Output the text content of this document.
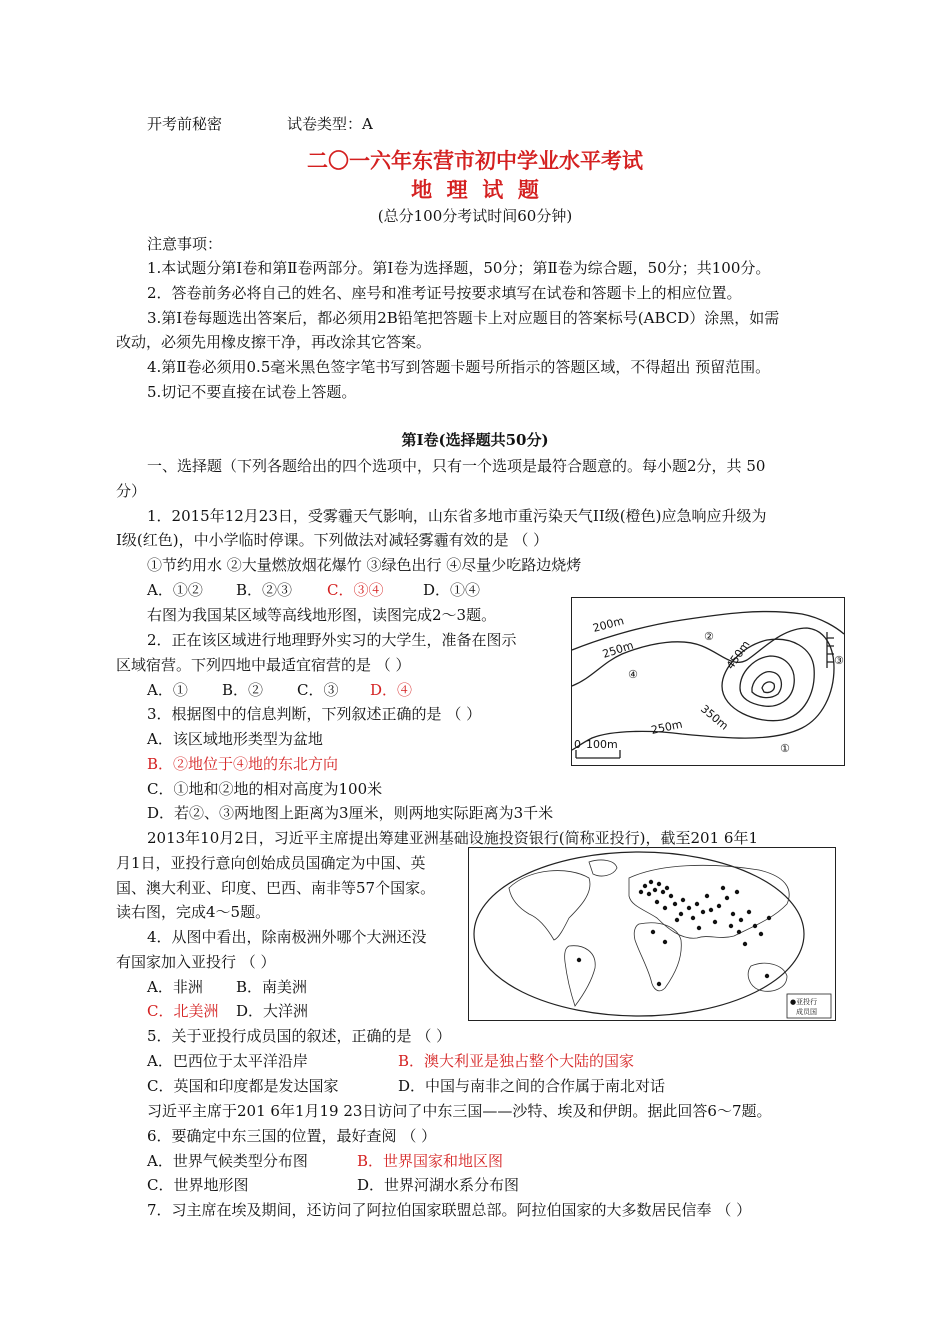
开考前秘密	试卷类型：A
二〇一六年东营市初中学业水平考试
地  理  试  题
(总分100分考试时间60分钟)
注意事项：
1.本试题分第Ⅰ卷和第Ⅱ卷两部分。第Ⅰ卷为选择题，50分；第Ⅱ卷为综合题，50分；共100分。
2．答卷前务必将自己的姓名、座号和准考证号按要求填写在试卷和答题卡上的相应位置。
3.第Ⅰ卷每题选出答案后，都必须用2B铅笔把答题卡上对应题目的答案标号(ABCD）涂黑，如需
改动，必须先用橡皮擦干净，再改涂其它答案。
4.第Ⅱ卷必须用0.5毫米黑色签字笔书写到答题卡题号所指示的答题区域，不得超出 预留范围。
5.切记不要直接在试卷上答题。
第Ⅰ卷(选择题共50分)
一、选择题（下列各题给出的四个选项中，只有一个选项是最符合题意的。每小题2分，共 50
分）
1．2015年12月23日，受雾霾天气影响，山东省多地市重污染天气II级(橙色)应急响应升级为
I级(红色)，中小学临时停课。下列做法对减轻雾霾有效的是 （ ）
①节约用水 ②大量燃放烟花爆竹 ③绿色出行 ④尽量少吃路边烧烤
A．①② B．②③ C．③④	D．①④
右图为我国某区域等高线地形图，读图完成2～3题。
2．正在该区域进行地理野外实习的大学生，准备在图示
区域宿营。下列四地中最适宜宿营的是 （ ）
A．① B．② C．③ D．④
3．根据图中的信息判断，下列叙述正确的是 （ ）
A．该区域地形类型为盆地
B．②地位于④地的东北方向
C．①地和②地的相对高度为100米
D．若②、③两地图上距离为3厘米，则两地实际距离为3千米
200m
250m	450m
350m
250m
②
③
④
①
0 100m
2013年10月2日，习近平主席提出筹建亚洲基础设施投资银行(简称亚投行)，截至201 6年1
月1日，亚投行意向创始成员国确定为中国、英
国、澳大利亚、印度、巴西、南非等57个国家。
读右图，完成4～5题。
4．从图中看出，除南极洲外哪个大洲还没
有国家加入亚投行 （ ）
A．非洲 B．南美洲
C．北美洲 D．大洋洲	●亚投行
成员国
5．关于亚投行成员国的叙述，正确的是 （ ）
A．巴西位于太平洋沿岸	B．澳大利亚是独占整个大陆的国家
C．英国和印度都是发达国家	D．中国与南非之间的合作属于南北对话
习近平主席于201 6年1月19 23日访问了中东三国——沙特、埃及和伊朗。据此回答6～7题。
6．要确定中东三国的位置，最好查阅 （ ）
A．世界气候类型分布图	B．世界国家和地区图
C．世界地形图	D．世界河湖水系分布图
7．习主席在埃及期间，还访问了阿拉伯国家联盟总部。阿拉伯国家的大多数居民信奉 （ ）
